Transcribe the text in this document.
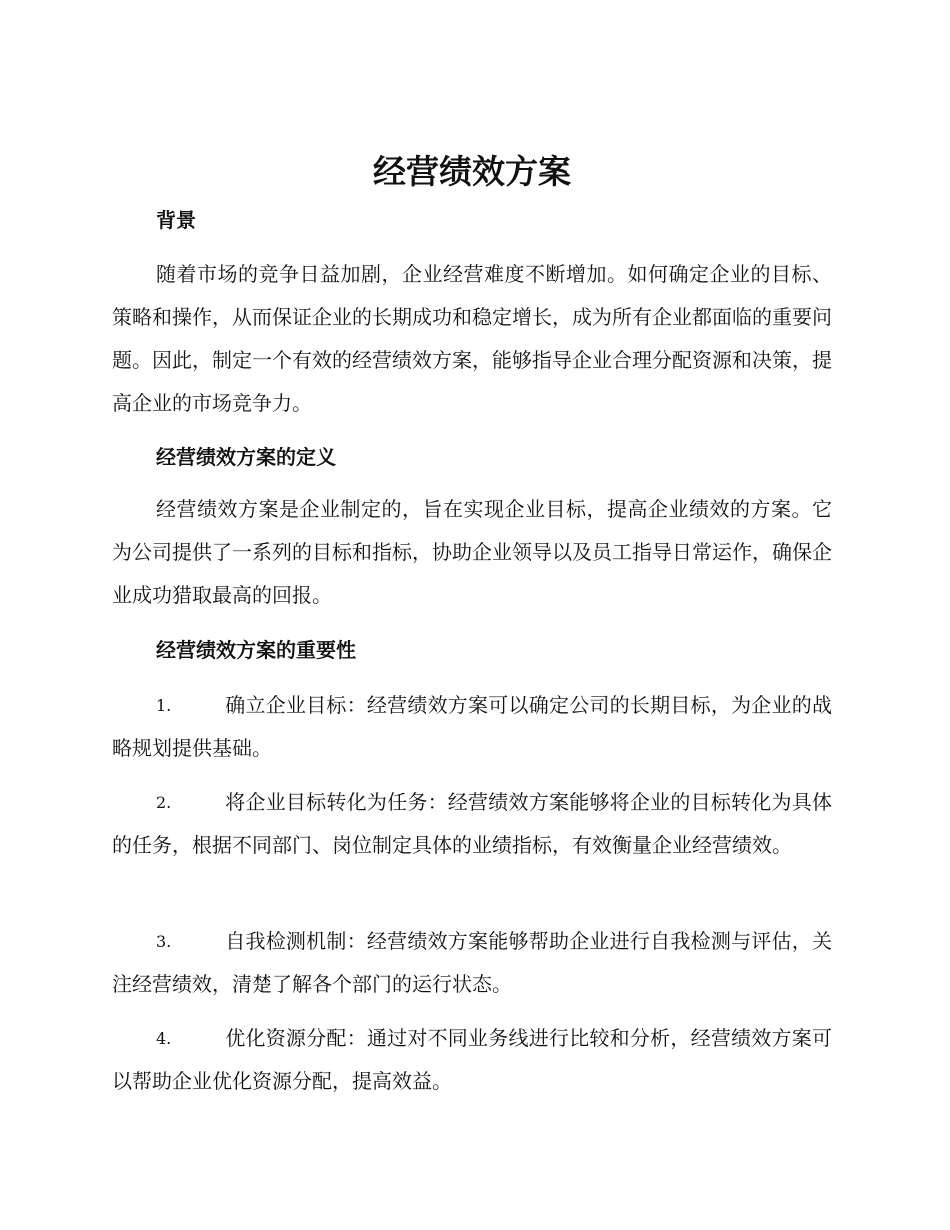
经营绩效方案
背景

随着市场的竞争日益加剧，企业经营难度不断增加。如何确定企业的目标、策略和操作，从而保证企业的长期成功和稳定增长，成为所有企业都面临的重要问题。因此，制定一个有效的经营绩效方案，能够指导企业合理分配资源和决策，提高企业的市场竞争力。

经营绩效方案的定义

经营绩效方案是企业制定的，旨在实现企业目标，提高企业绩效的方案。它为公司提供了一系列的目标和指标，协助企业领导以及员工指导日常运作，确保企业成功猎取最高的回报。

经营绩效方案的重要性

1.	确立企业目标：经营绩效方案可以确定公司的长期目标，为企业的战略规划提供基础。

2.	将企业目标转化为任务：经营绩效方案能够将企业的目标转化为具体的任务，根据不同部门、岗位制定具体的业绩指标，有效衡量企业经营绩效。

3.	自我检测机制：经营绩效方案能够帮助企业进行自我检测与评估，关注经营绩效，清楚了解各个部门的运行状态。

4.	优化资源分配：通过对不同业务线进行比较和分析，经营绩效方案可以帮助企业优化资源分配，提高效益。
